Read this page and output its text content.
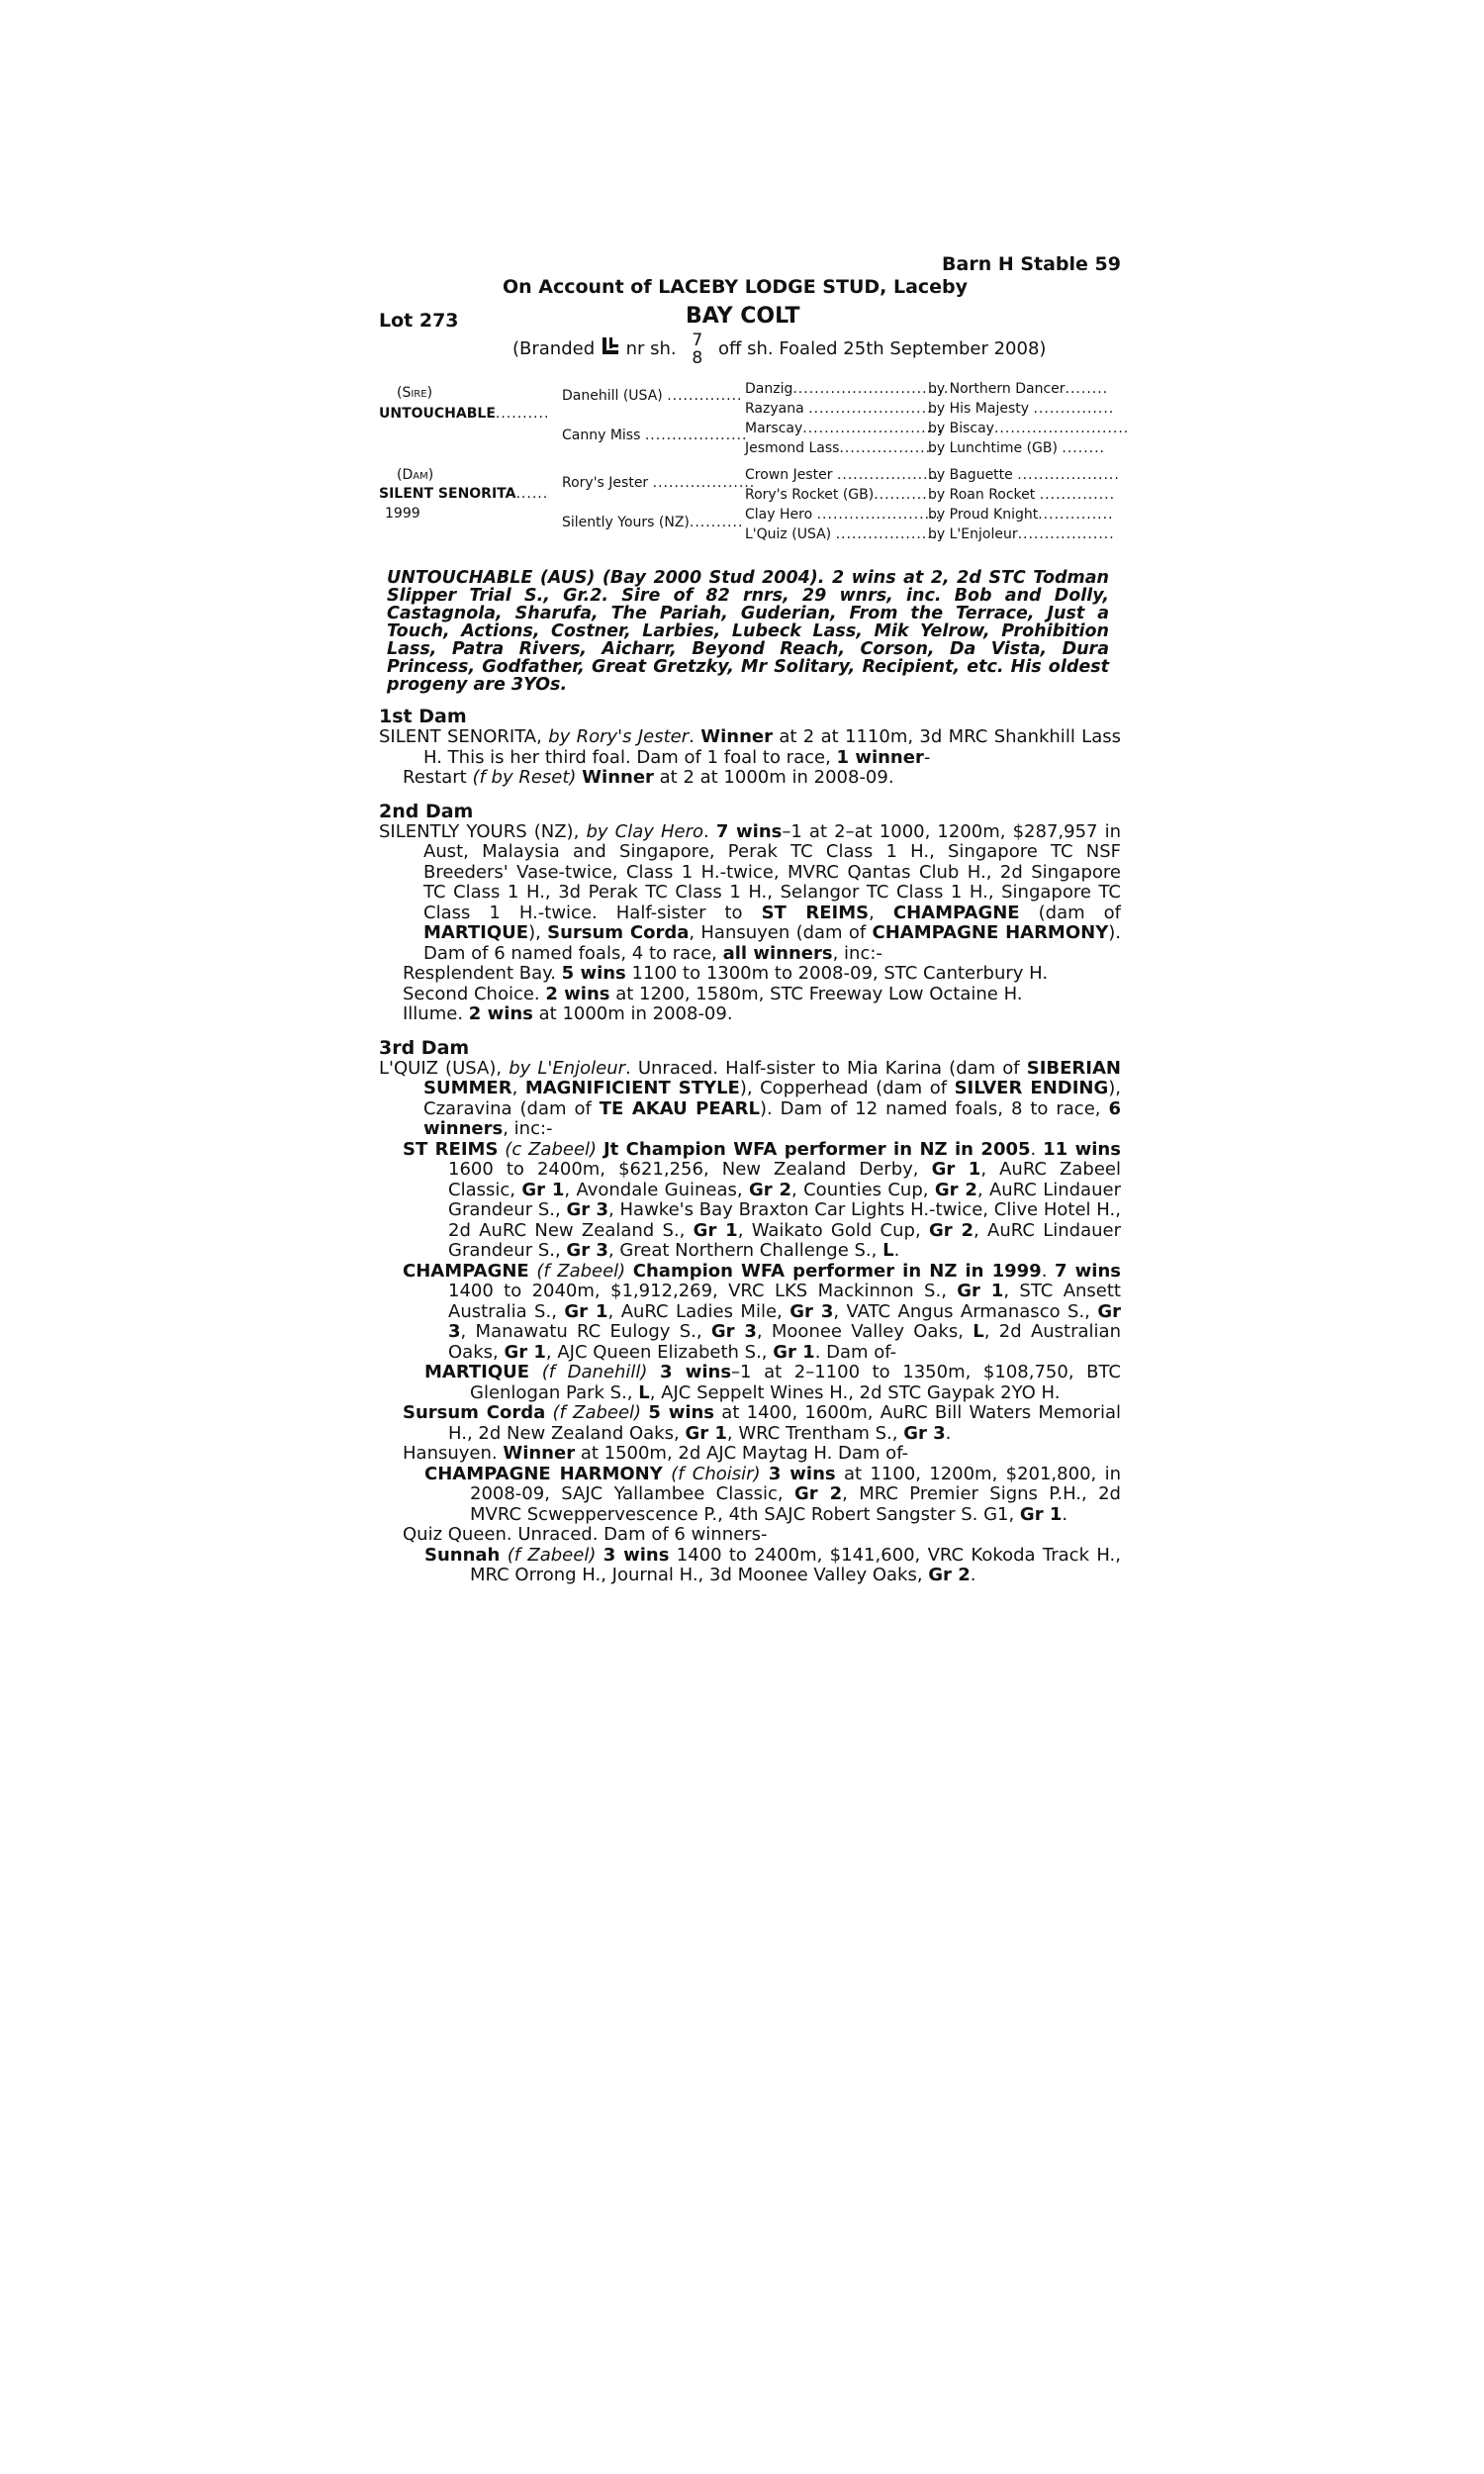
Barn H Stable 59
On Account of LACEBY LODGE STUD, Laceby
Lot 273	BAY COLT
(Branded nr sh. 7
8 off sh. Foaled 25th September 2008)
(Sire)
UNTOUCHABLE..........
Danehill (USA) ..............
Canny Miss ...................
Danzig.............................
Razyana ........................
Marscay..........................
Jesmond Lass..................
by Northern Dancer........
by His Majesty ...............
by Biscay.........................
by Lunchtime (GB) ........
(Dam)
SILENT SENORITA......
1999
Rory's Jester ...................
Silently Yours (NZ)..........
Crown Jester ...................
Rory's Rocket (GB)..........
Clay Hero .......................
L'Quiz (USA) ....................
by Baguette ...................
by Roan Rocket ..............
by Proud Knight..............
by L'Enjoleur..................
UNTOUCHABLE (AUS) (Bay 2000 Stud 2004). 2 wins at 2, 2d STC Todman Slipper Trial S., Gr.2. Sire of 82 rnrs, 29 wnrs, inc. Bob and Dolly, Castagnola, Sharufa, The Pariah, Guderian, From the Terrace, Just a Touch, Actions, Costner, Larbies, Lubeck Lass, Mik Yelrow, Prohibition Lass, Patra Rivers, Aicharr, Beyond Reach, Corson, Da Vista, Dura Princess, Godfather, Great Gretzky, Mr Solitary, Recipient, etc. His oldest progeny are 3YOs.
1st Dam

SILENT SENORITA, by Rory's Jester. Winner at 2 at 1110m, 3d MRC Shankhill Lass H. This is her third foal. Dam of 1 foal to race, 1 winner-

Restart (f by Reset) Winner at 2 at 1000m in 2008-09.

2nd Dam

SILENTLY YOURS (NZ), by Clay Hero. 7 wins–1 at 2–at 1000, 1200m, $287,957 in Aust, Malaysia and Singapore, Perak TC Class 1 H., Singapore TC NSF Breeders' Vase-twice, Class 1 H.-twice, MVRC Qantas Club H., 2d Singapore TC Class 1 H., 3d Perak TC Class 1 H., Selangor TC Class 1 H., Singapore TC Class 1 H.-twice. Half-sister to ST REIMS, CHAMPAGNE (dam of MARTIQUE), Sursum Corda, Hansuyen (dam of CHAMPAGNE HARMONY). Dam of 6 named foals, 4 to race, all winners, inc:-

Resplendent Bay. 5 wins 1100 to 1300m to 2008-09, STC Canterbury H.

Second Choice. 2 wins at 1200, 1580m, STC Freeway Low Octaine H.

Illume. 2 wins at 1000m in 2008-09.

3rd Dam

L'QUIZ (USA), by L'Enjoleur. Unraced. Half-sister to Mia Karina (dam of SIBERIAN SUMMER, MAGNIFICIENT STYLE), Copperhead (dam of SILVER ENDING), Czaravina (dam of TE AKAU PEARL). Dam of 12 named foals, 8 to race, 6 winners, inc:-

ST REIMS (c Zabeel) Jt Champion WFA performer in NZ in 2005. 11 wins 1600 to 2400m, $621,256, New Zealand Derby, Gr 1, AuRC Zabeel Classic, Gr 1, Avondale Guineas, Gr 2, Counties Cup, Gr 2, AuRC Lindauer Grandeur S., Gr 3, Hawke's Bay Braxton Car Lights H.-twice, Clive Hotel H., 2d AuRC New Zealand S., Gr 1, Waikato Gold Cup, Gr 2, AuRC Lindauer Grandeur S., Gr 3, Great Northern Challenge S., L.

CHAMPAGNE (f Zabeel) Champion WFA performer in NZ in 1999. 7 wins 1400 to 2040m, $1,912,269, VRC LKS Mackinnon S., Gr 1, STC Ansett Australia S., Gr 1, AuRC Ladies Mile, Gr 3, VATC Angus Armanasco S., Gr 3, Manawatu RC Eulogy S., Gr 3, Moonee Valley Oaks, L, 2d Australian Oaks, Gr 1, AJC Queen Elizabeth S., Gr 1. Dam of-

MARTIQUE (f Danehill) 3 wins–1 at 2–1100 to 1350m, $108,750, BTC Glenlogan Park S., L, AJC Seppelt Wines H., 2d STC Gaypak 2YO H.

Sursum Corda (f Zabeel) 5 wins at 1400, 1600m, AuRC Bill Waters Memorial H., 2d New Zealand Oaks, Gr 1, WRC Trentham S., Gr 3.

Hansuyen. Winner at 1500m, 2d AJC Maytag H. Dam of-

CHAMPAGNE HARMONY (f Choisir) 3 wins at 1100, 1200m, $201,800, in 2008-09, SAJC Yallambee Classic, Gr 2, MRC Premier Signs P.H., 2d MVRC Scweppervescence P., 4th SAJC Robert Sangster S. G1, Gr 1.

Quiz Queen. Unraced. Dam of 6 winners-

Sunnah (f Zabeel) 3 wins 1400 to 2400m, $141,600, VRC Kokoda Track H., MRC Orrong H., Journal H., 3d Moonee Valley Oaks, Gr 2.
